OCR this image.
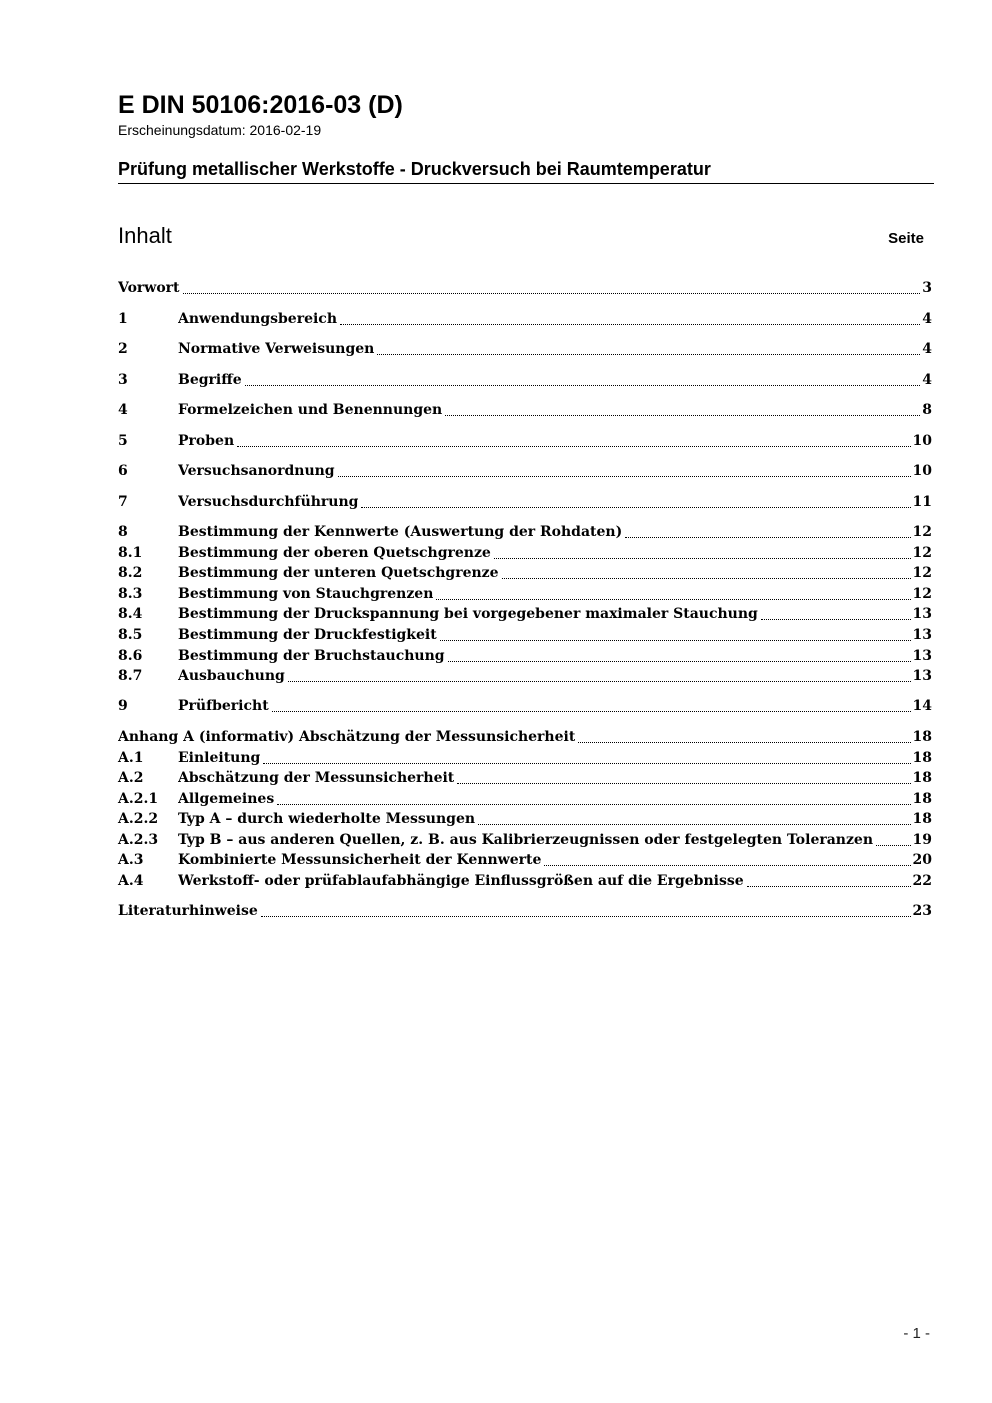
E DIN 50106:2016-03 (D)
Erscheinungsdatum: 2016-02-19
Prüfung metallischer Werkstoffe - Druckversuch bei Raumtemperatur
Inhalt	Seite
Vorwort	3
1	Anwendungsbereich	4
2	Normative Verweisungen	4
3	Begriffe	4
4	Formelzeichen und Benennungen	8
5	Proben	10
6	Versuchsanordnung	10
7	Versuchsdurchführung	11
8	Bestimmung der Kennwerte (Auswertung der Rohdaten)	12
8.1	Bestimmung der oberen Quetschgrenze	12
8.2	Bestimmung der unteren Quetschgrenze	12
8.3	Bestimmung von Stauchgrenzen	12
8.4	Bestimmung der Druckspannung bei vorgegebener maximaler Stauchung	13
8.5	Bestimmung der Druckfestigkeit	13
8.6	Bestimmung der Bruchstauchung	13
8.7	Ausbauchung	13
9	Prüfbericht	14
Anhang A (informativ) Abschätzung der Messunsicherheit	18
A.1	Einleitung	18
A.2	Abschätzung der Messunsicherheit	18
A.2.1	Allgemeines	18
A.2.2	Typ A – durch wiederholte Messungen	18
A.2.3	Typ B – aus anderen Quellen, z. B. aus Kalibrierzeugnissen oder festgelegten Toleranzen	19
A.3	Kombinierte Messunsicherheit der Kennwerte	20
A.4	Werkstoff- oder prüfablaufabhängige Einflussgrößen auf die Ergebnisse	22
Literaturhinweise	23
- 1 -
